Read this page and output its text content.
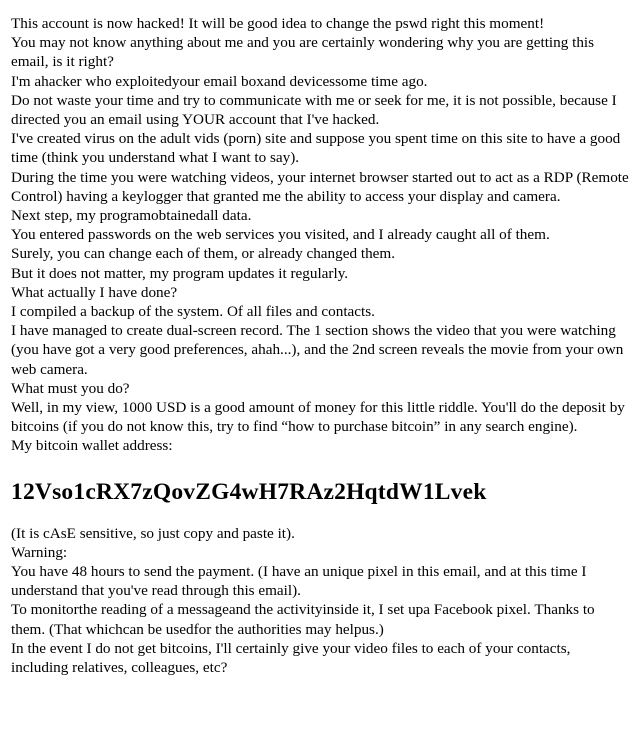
This account is now hacked! It will be good idea to change the pswd right this moment!

You may not know anything about me and you are certainly wondering why you are getting this email, is it right?

I'm ahacker who exploitedyour email boxand devicessome time ago.

Do not waste your time and try to communicate with me or seek for me, it is not possible, because I directed you an email using YOUR account that I've hacked.

I've created virus on the adult vids (porn) site and suppose you spent time on this site to have a good time (think you understand what I want to say).

During the time you were watching videos, your internet browser started out to act as a RDP (Remote Control) having a keylogger that granted me the ability to access your display and camera.

Next step, my programobtainedall data.

You entered passwords on the web services you visited, and I already caught all of them.

Surely, you can change each of them, or already changed them.

But it does not matter, my program updates it regularly.

What actually I have done?

I compiled a backup of the system. Of all files and contacts.

I have managed to create dual-screen record. The 1 section shows the video that you were watching (you have got a very good preferences, ahah...), and the 2nd screen reveals the movie from your own web camera.

What must you do?

Well, in my view, 1000 USD is a good amount of money for this little riddle. You'll do the deposit by bitcoins (if you do not know this, try to find “how to purchase bitcoin” in any search engine).

My bitcoin wallet address:

12Vso1cRX7zQovZG4wH7RAz2HqtdW1Lvek

(It is cAsE sensitive, so just copy and paste it).

Warning:

You have 48 hours to send the payment. (I have an unique pixel in this email, and at this time I understand that you've read through this email).

To monitorthe reading of a messageand the activityinside it, I set upa Facebook pixel. Thanks to them. (That whichcan be usedfor the authorities may helpus.)

In the event I do not get bitcoins, I'll certainly give your video files to each of your contacts, including relatives, colleagues, etc?
